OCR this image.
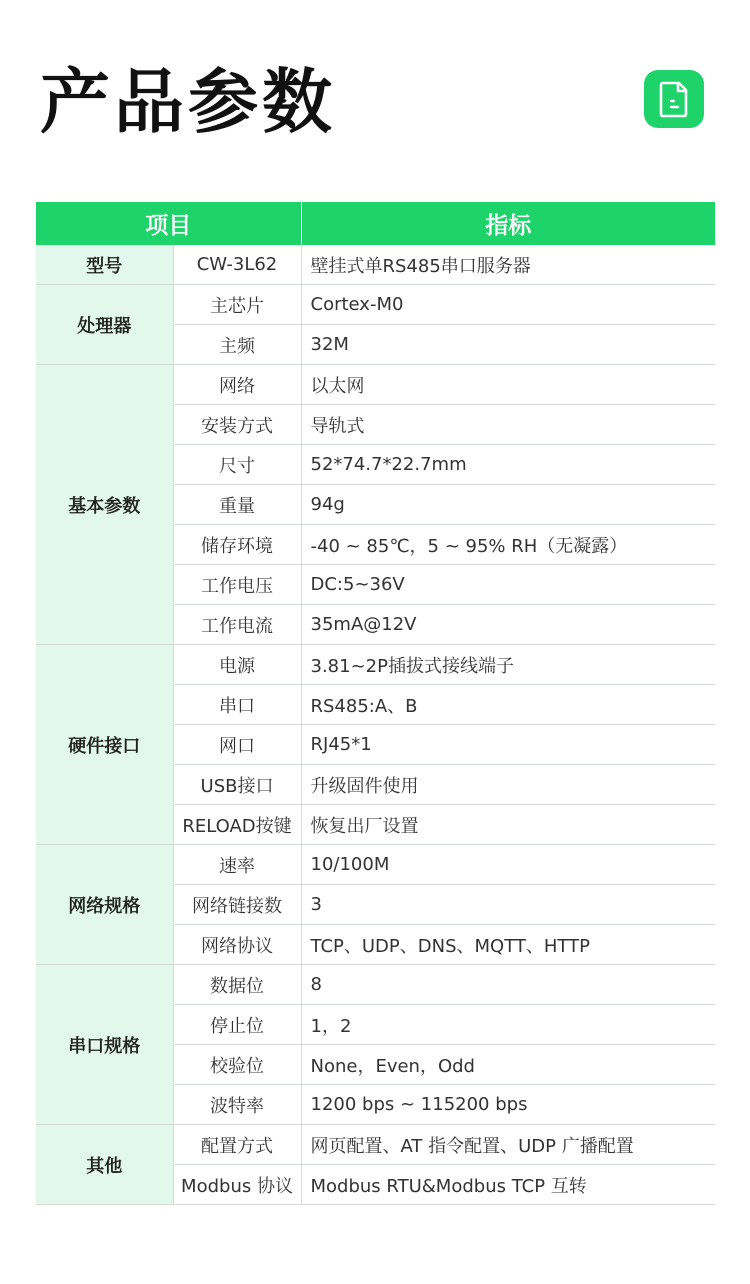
产品参数
项目		指标
型号	CW-3L62	壁挂式单RS485串口服务器
处理器	主芯片	Cortex-M0
	主频	32M
基本参数	网络	以太网
	安装方式	导轨式
	尺寸	52*74.7*22.7mm
	重量	94g
	储存环境	-40 ~ 85℃，5 ~ 95% RH（无凝露）
	工作电压	DC:5~36V
	工作电流	35mA@12V
硬件接口	电源	3.81~2P插拔式接线端子
	串口	RS485:A、B
	网口	RJ45*1
	USB接口	升级固件使用
	RELOAD按键	恢复出厂设置
网络规格	速率	10/100M
	网络链接数	3
	网络协议	TCP、UDP、DNS、MQTT、HTTP
串口规格	数据位	8
	停止位	1，2
	校验位	None，Even，Odd
	波特率	1200 bps ~ 115200 bps
其他	配置方式	网页配置、AT 指令配置、UDP 广播配置
	Modbus 协议	Modbus RTU&Modbus TCP 互转
